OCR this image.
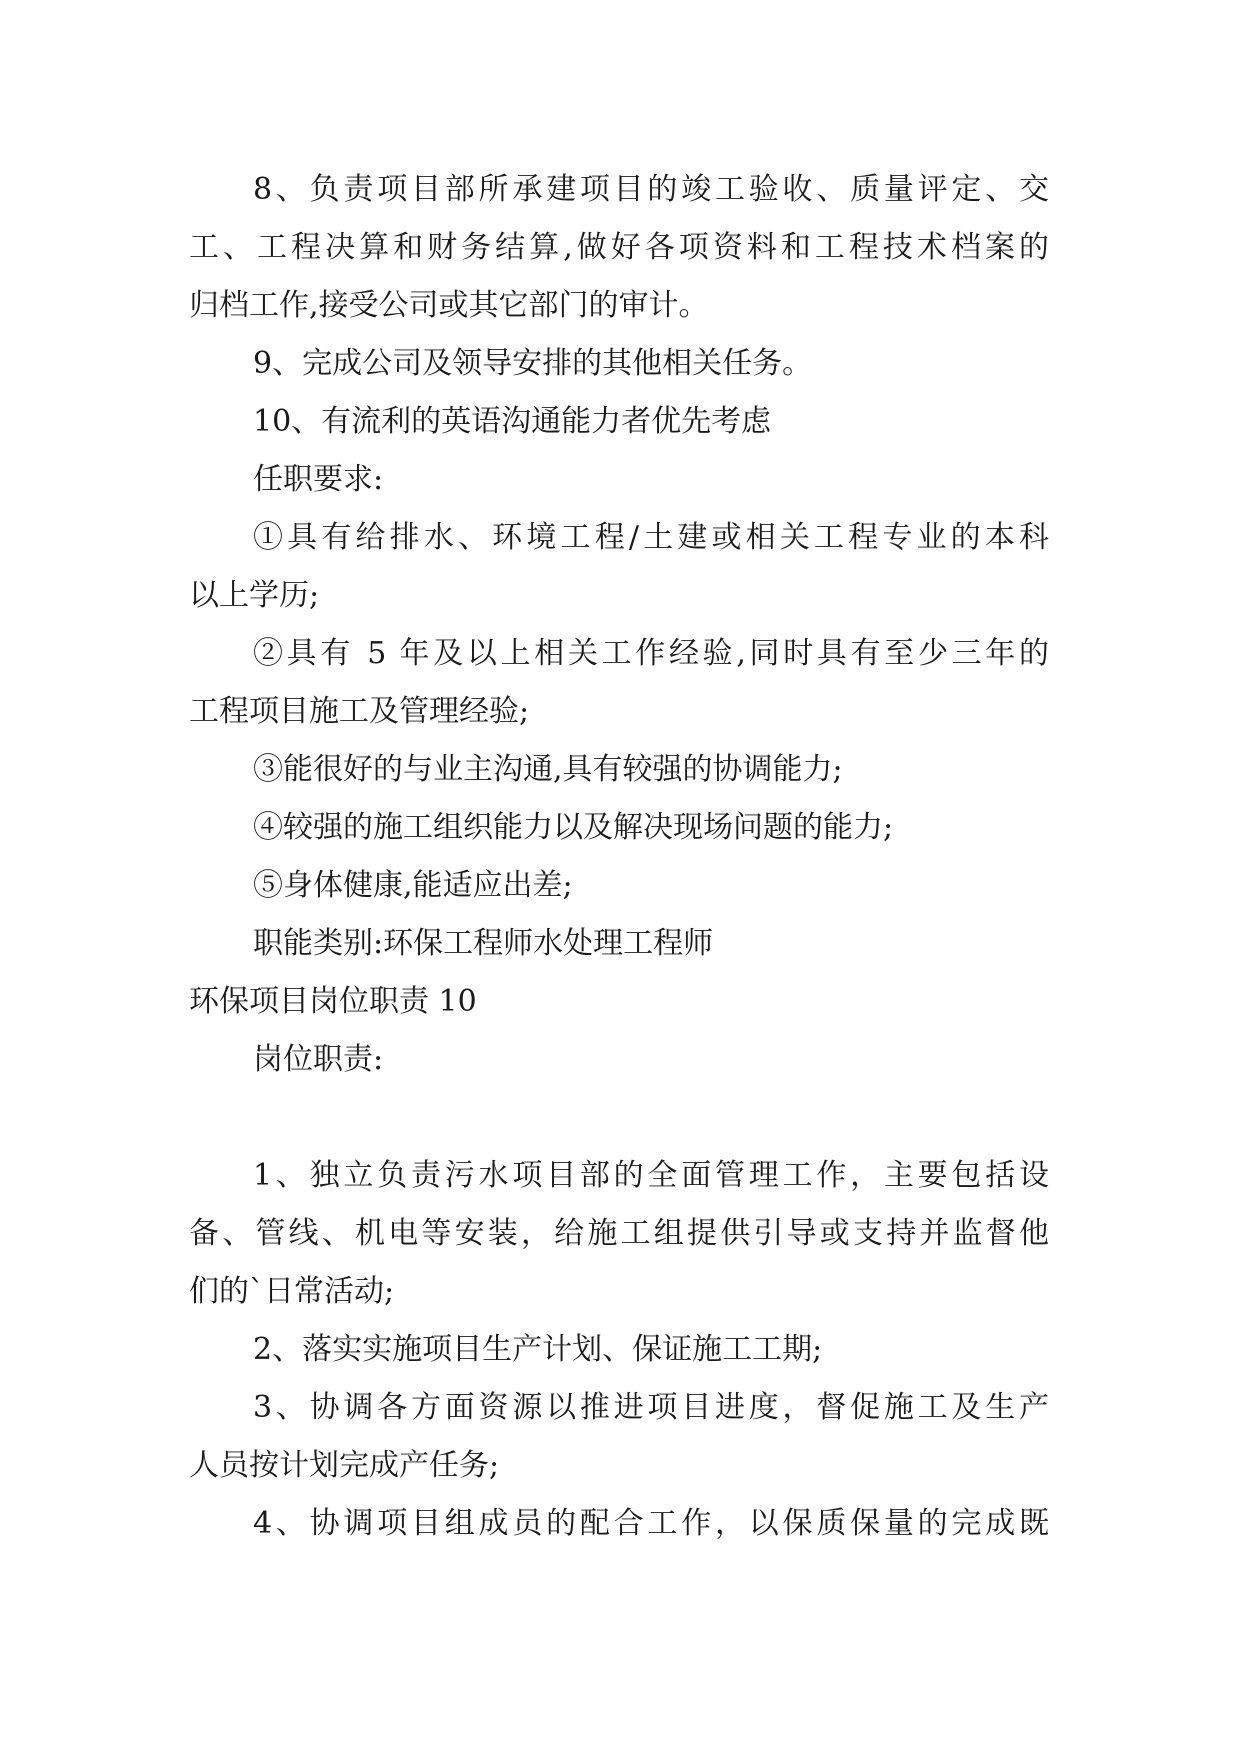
8、负责项目部所承建项目的竣工验收、质量评定、交
工、工程决算和财务结算,做好各项资料和工程技术档案的
归档工作,接受公司或其它部门的审计。
9、完成公司及领导安排的其他相关任务。
10、有流利的英语沟通能力者优先考虑
任职要求:
①具有给排水、环境工程/土建或相关工程专业的本科
以上学历;
②具有 5 年及以上相关工作经验,同时具有至少三年的
工程项目施工及管理经验;
③能很好的与业主沟通,具有较强的协调能力;
④较强的施工组织能力以及解决现场问题的能力;
⑤身体健康,能适应出差;
职能类别:环保工程师水处理工程师
环保项目岗位职责 10
岗位职责:
1、独立负责污水项目部的全面管理工作，主要包括设
备、管线、机电等安装，给施工组提供引导或支持并监督他
们的`日常活动;
2、落实实施项目生产计划、保证施工工期;
3、协调各方面资源以推进项目进度，督促施工及生产
人员按计划完成产任务;
4、协调项目组成员的配合工作，以保质保量的完成既
